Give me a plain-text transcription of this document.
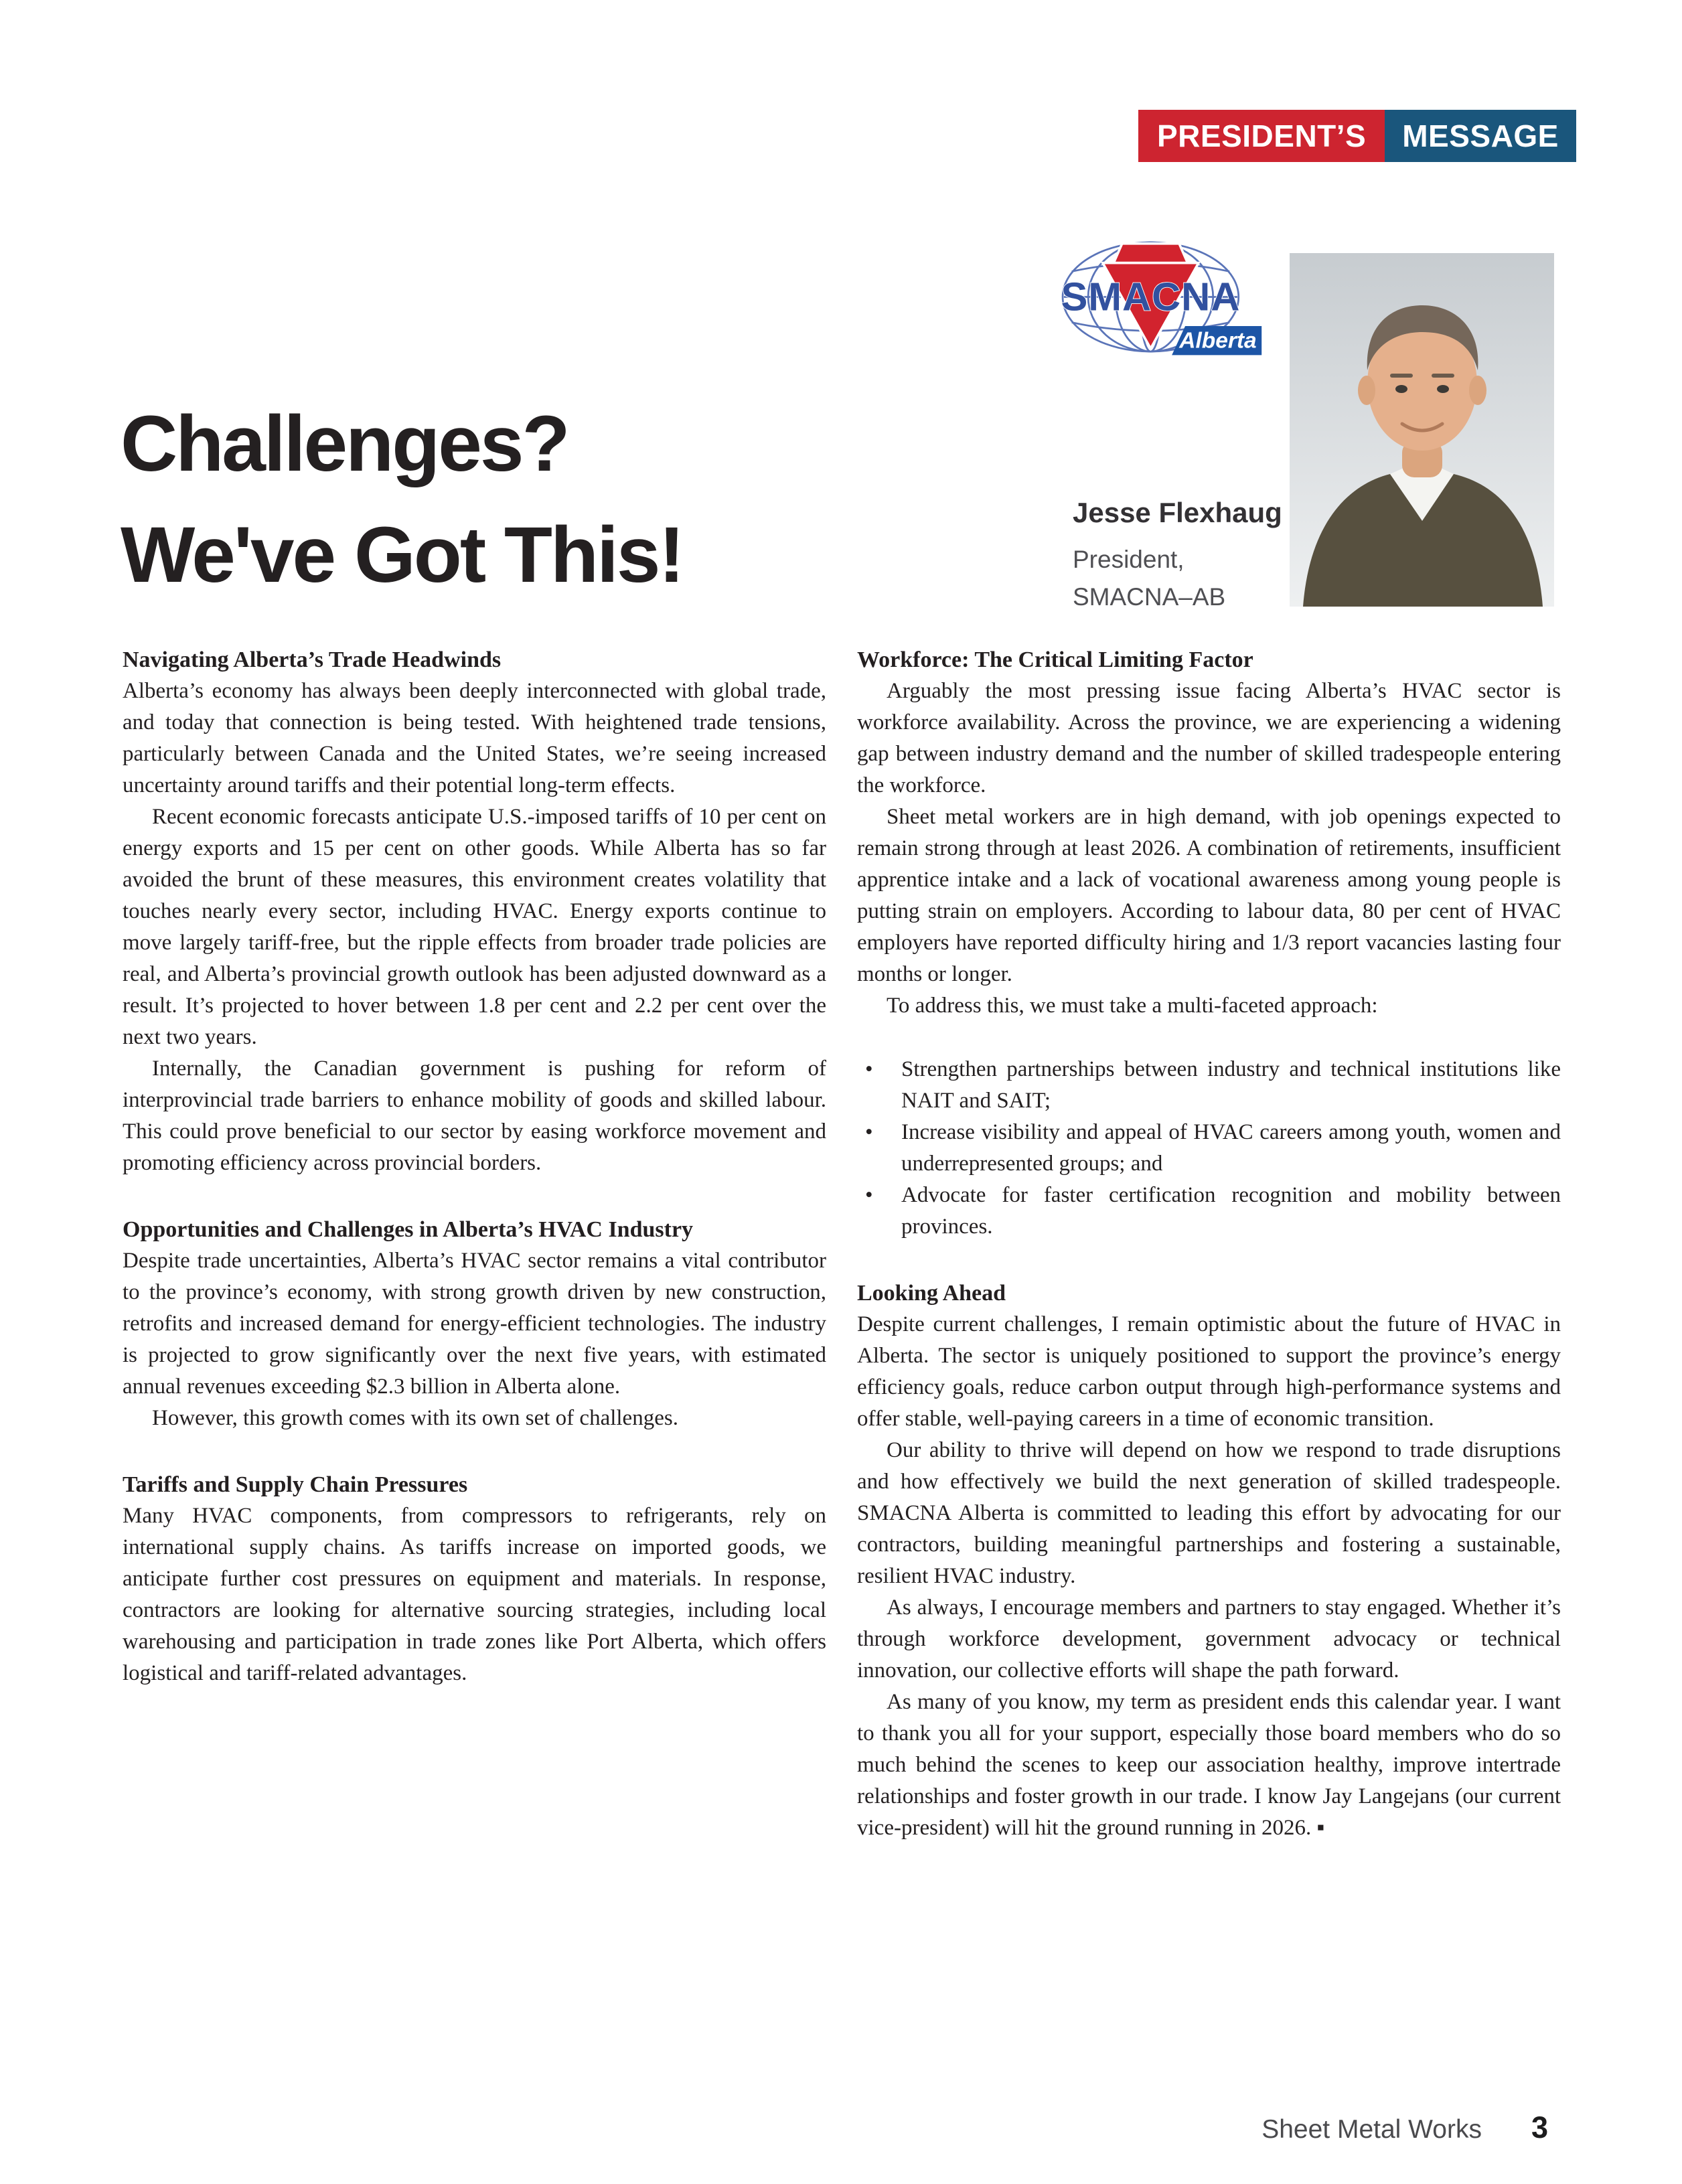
PRESIDENT’S MESSAGE
SMACNA
Alberta
Jesse Flexhaug
President,
SMACNA–AB
Challenges?
We've Got This!
Navigating Alberta’s Trade Headwinds

Alberta’s economy has always been deeply interconnected with global trade, and today that connection is being tested. With heightened trade tensions, particularly between Canada and the United States, we’re seeing increased uncertainty around tariffs and their potential long-term effects.

Recent economic forecasts anticipate U.S.-imposed tariffs of 10 per cent on energy exports and 15 per cent on other goods. While Alberta has so far avoided the brunt of these measures, this environment creates volatility that touches nearly every sector, including HVAC. Energy exports continue to move largely tariff-free, but the ripple effects from broader trade policies are real, and Alberta’s provincial growth outlook has been adjusted downward as a result. It’s projected to hover between 1.8 per cent and 2.2 per cent over the next two years.

Internally, the Canadian government is pushing for reform of interprovincial trade barriers to enhance mobility of goods and skilled labour. This could prove beneficial to our sector by easing workforce movement and promoting efficiency across provincial borders.

Opportunities and Challenges in Alberta’s HVAC Industry

Despite trade uncertainties, Alberta’s HVAC sector remains a vital contributor to the province’s economy, with strong growth driven by new construction, retrofits and increased demand for energy-efficient technologies. The industry is projected to grow significantly over the next five years, with estimated annual revenues exceeding $2.3 billion in Alberta alone.

However, this growth comes with its own set of challenges.

Tariffs and Supply Chain Pressures

Many HVAC components, from compressors to refrigerants, rely on international supply chains. As tariffs increase on imported goods, we anticipate further cost pressures on equipment and materials. In response, contractors are looking for alternative sourcing strategies, including local warehousing and participation in trade zones like Port Alberta, which offers logistical and tariff-related advantages.

Workforce: The Critical Limiting Factor

Arguably the most pressing issue facing Alberta’s HVAC sector is workforce availability. Across the province, we are experiencing a widening gap between industry demand and the number of skilled tradespeople entering the workforce.

Sheet metal workers are in high demand, with job openings expected to remain strong through at least 2026. A combination of retirements, insufficient apprentice intake and a lack of vocational awareness among young people is putting strain on employers. According to labour data, 80 per cent of HVAC employers have reported difficulty hiring and 1/3 report vacancies lasting four months or longer.

To address this, we must take a multi-faceted approach:

• Strengthen partnerships between industry and technical institutions like NAIT and SAIT;
• Increase visibility and appeal of HVAC careers among youth, women and underrepresented groups; and
• Advocate for faster certification recognition and mobility between provinces.
Looking Ahead

Despite current challenges, I remain optimistic about the future of HVAC in Alberta. The sector is uniquely positioned to support the province’s energy efficiency goals, reduce carbon output through high-performance systems and offer stable, well-paying careers in a time of economic transition.

Our ability to thrive will depend on how we respond to trade disruptions and how effectively we build the next generation of skilled tradespeople. SMACNA Alberta is committed to leading this effort by advocating for our contractors, building meaningful partnerships and fostering a sustainable, resilient HVAC industry.

As always, I encourage members and partners to stay engaged. Whether it’s through workforce development, government advocacy or technical innovation, our collective efforts will shape the path forward.

As many of you know, my term as president ends this calendar year. I want to thank you all for your support, especially those board members who do so much behind the scenes to keep our association healthy, improve intertrade relationships and foster growth in our trade. I know Jay Langejans (our current vice-president) will hit the ground running in 2026. ▪

Sheet Metal Works 3
